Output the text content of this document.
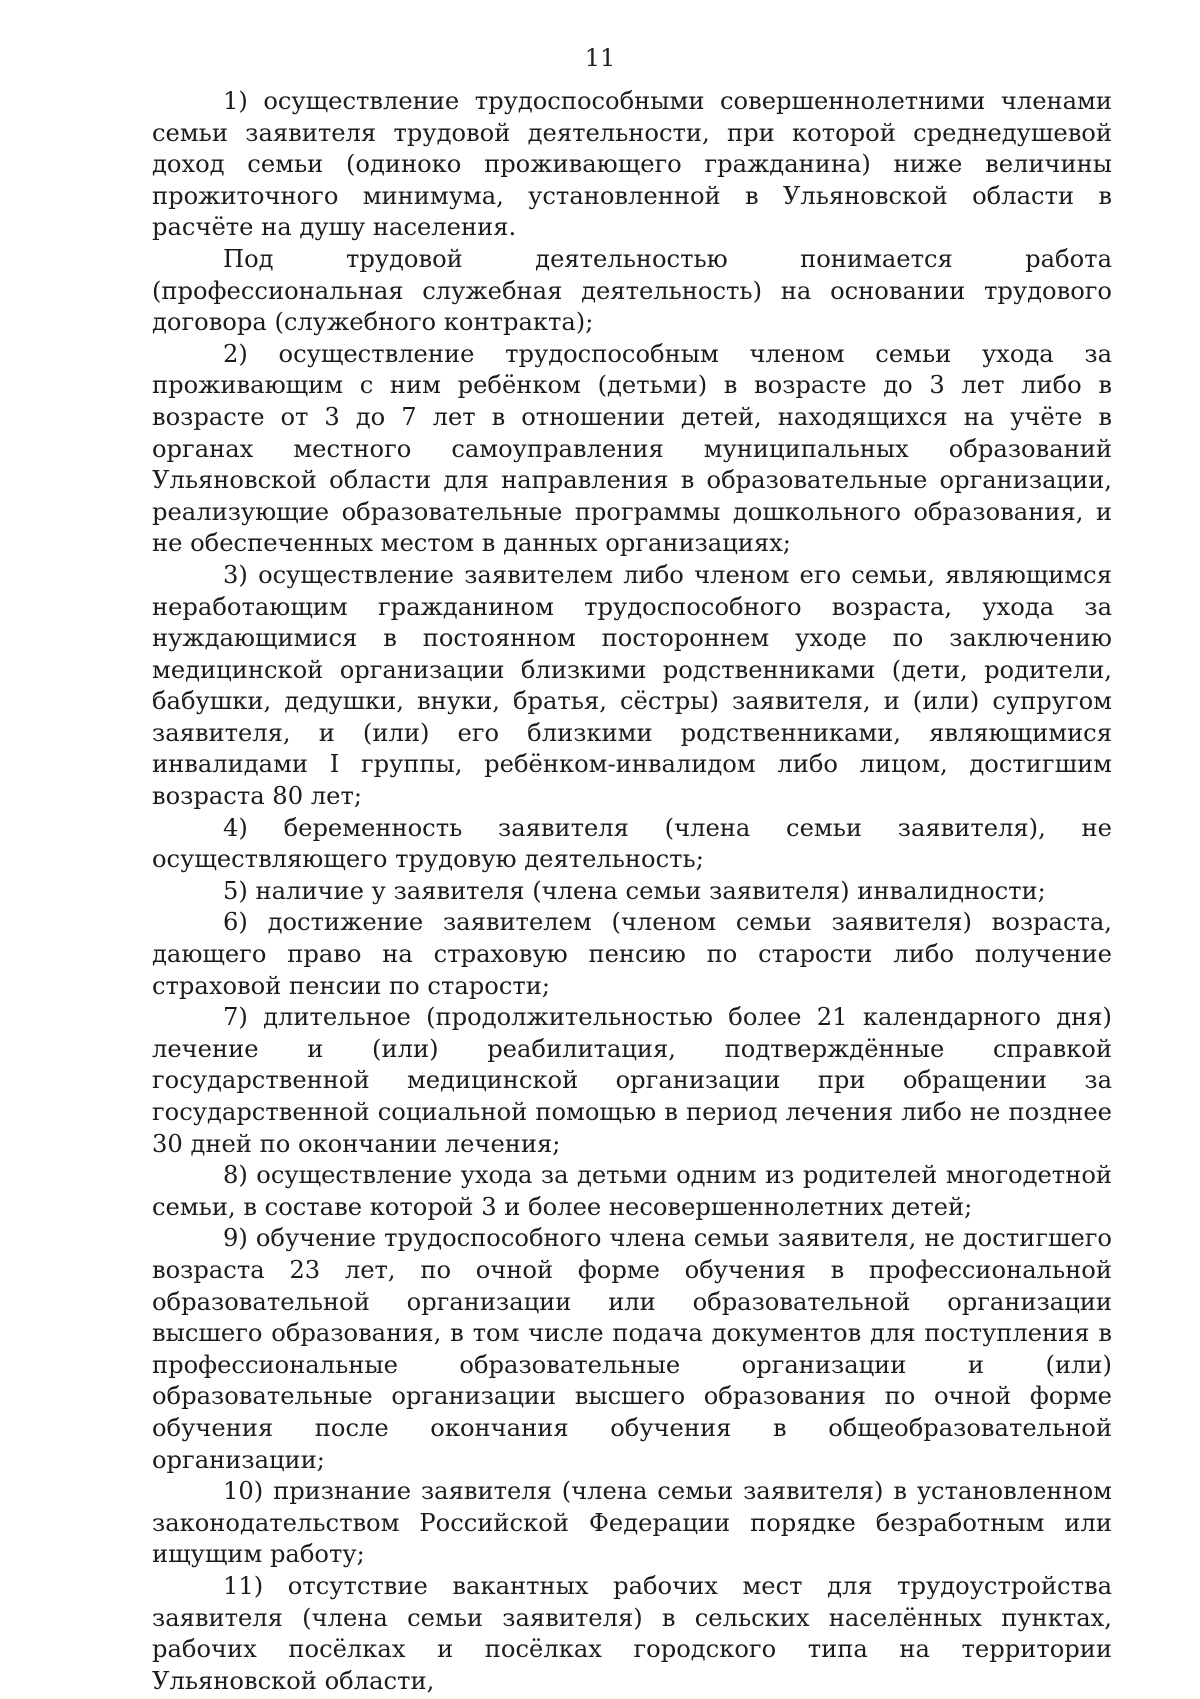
11

1) осуществление трудоспособными совершеннолетними членами семьи заявителя трудовой деятельности, при которой среднедушевой доход семьи (одиноко проживающего гражданина) ниже величины прожиточного минимума, установленной в Ульяновской области в расчёте на душу населения.

Под трудовой деятельностью понимается работа (профессиональная служебная деятельность) на основании трудового договора (служебного контракта);

2) осуществление трудоспособным членом семьи ухода за проживающим с ним ребёнком (детьми) в возрасте до 3 лет либо в возрасте от 3 до 7 лет в отношении детей, находящихся на учёте в органах местного самоуправления муниципальных образований Ульяновской области для направления в образовательные организации, реализующие образовательные программы дошкольного образования, и не обеспеченных местом в данных организациях;

3) осуществление заявителем либо членом его семьи, являющимся неработающим гражданином трудоспособного возраста, ухода за нуждающимися в постоянном постороннем уходе по заключению медицинской организации близкими родственниками (дети, родители, бабушки, дедушки, внуки, братья, сёстры) заявителя, и (или) супругом заявителя, и (или) его близкими родственниками, являющимися инвалидами I группы, ребёнком-инвалидом либо лицом, достигшим возраста 80 лет;

4) беременность заявителя (члена семьи заявителя), не осуществляющего трудовую деятельность;

5) наличие у заявителя (члена семьи заявителя) инвалидности;

6) достижение заявителем (членом семьи заявителя) возраста, дающего право на страховую пенсию по старости либо получение страховой пенсии по старости;

7) длительное (продолжительностью более 21 календарного дня) лечение и (или) реабилитация, подтверждённые справкой государственной медицинской организации при обращении за государственной социальной помощью в период лечения либо не позднее 30 дней по окончании лечения;

8) осуществление ухода за детьми одним из родителей многодетной семьи, в составе которой 3 и более несовершеннолетних детей;

9) обучение трудоспособного члена семьи заявителя, не достигшего возраста 23 лет, по очной форме обучения в профессиональной образовательной организации или образовательной организации высшего образования, в том числе подача документов для поступления в профессиональные образовательные организации и (или) образовательные организации высшего образования по очной форме обучения после окончания обучения в общеобразовательной организации;

10) признание заявителя (члена семьи заявителя) в установленном законодательством Российской Федерации порядке безработным или ищущим работу;

11) отсутствие вакантных рабочих мест для трудоустройства заявителя (члена семьи заявителя) в сельских населённых пунктах, рабочих посёлках и посёлках городского типа на территории Ульяновской области,
